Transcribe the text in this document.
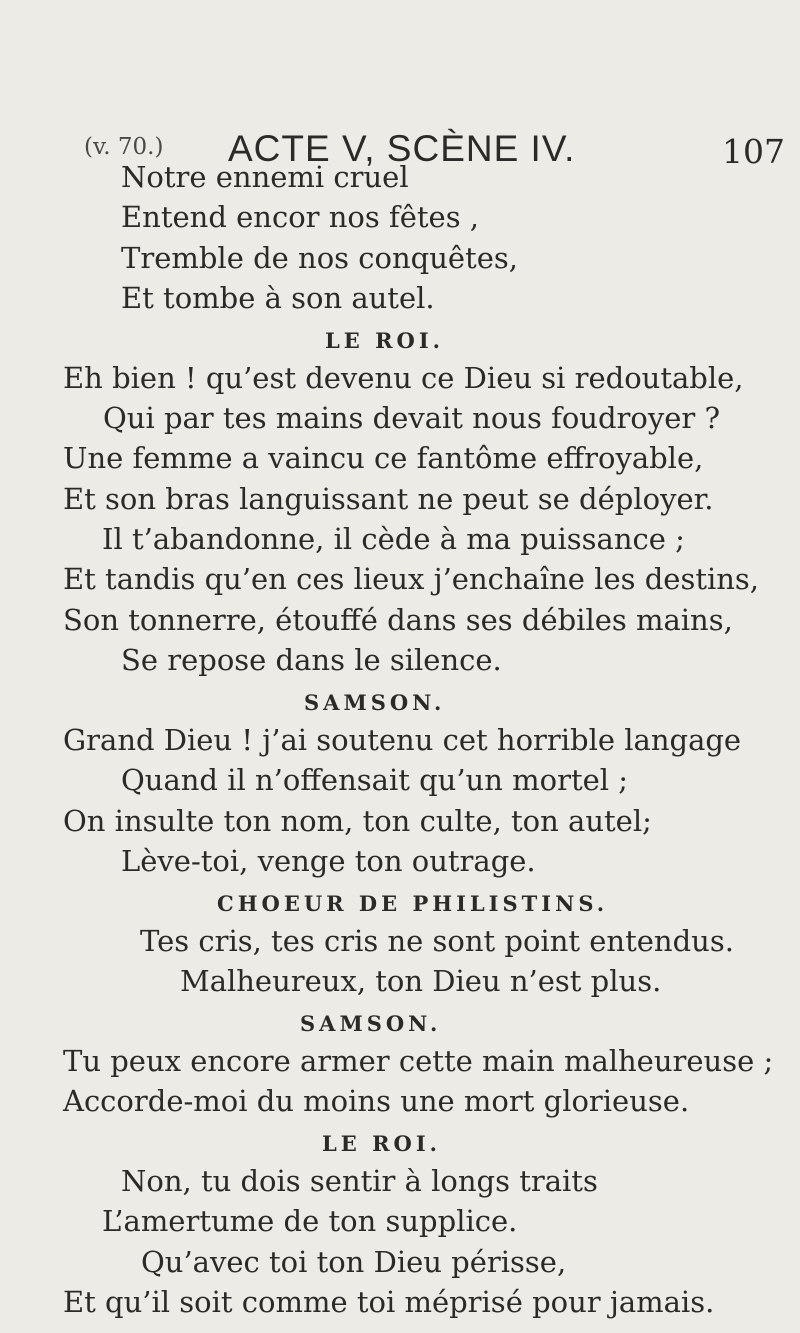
(v. 70.) ACTE V, SCÈNE IV.	107
Notre ennemi cruel
Entend encor nos fêtes ,
Tremble de nos conquêtes,
Et tombe à son autel.
LE ROI.
Eh bien ! qu’est devenu ce Dieu si redoutable,
Qui par tes mains devait nous foudroyer ?
Une femme a vaincu ce fantôme effroyable,
Et son bras languissant ne peut se déployer.
Il t’abandonne, il cède à ma puissance ;
Et tandis qu’en ces lieux j’enchaîne les destins,
Son tonnerre, étouffé dans ses débiles mains,
Se repose dans le silence.
SAMSON.
Grand Dieu ! j’ai soutenu cet horrible langage
Quand il n’offensait qu’un mortel ;
On insulte ton nom, ton culte, ton autel;
Lève-toi, venge ton outrage.
CHOEUR DE PHILISTINS.
Tes cris, tes cris ne sont point entendus.
Malheureux, ton Dieu n’est plus.
SAMSON.
Tu peux encore armer cette main malheureuse ;
Accorde-moi du moins une mort glorieuse.
LE ROI.
Non, tu dois sentir à longs traits
L’amertume de ton supplice.
Qu’avec toi ton Dieu périsse,
Et qu’il soit comme toi méprisé pour jamais.
